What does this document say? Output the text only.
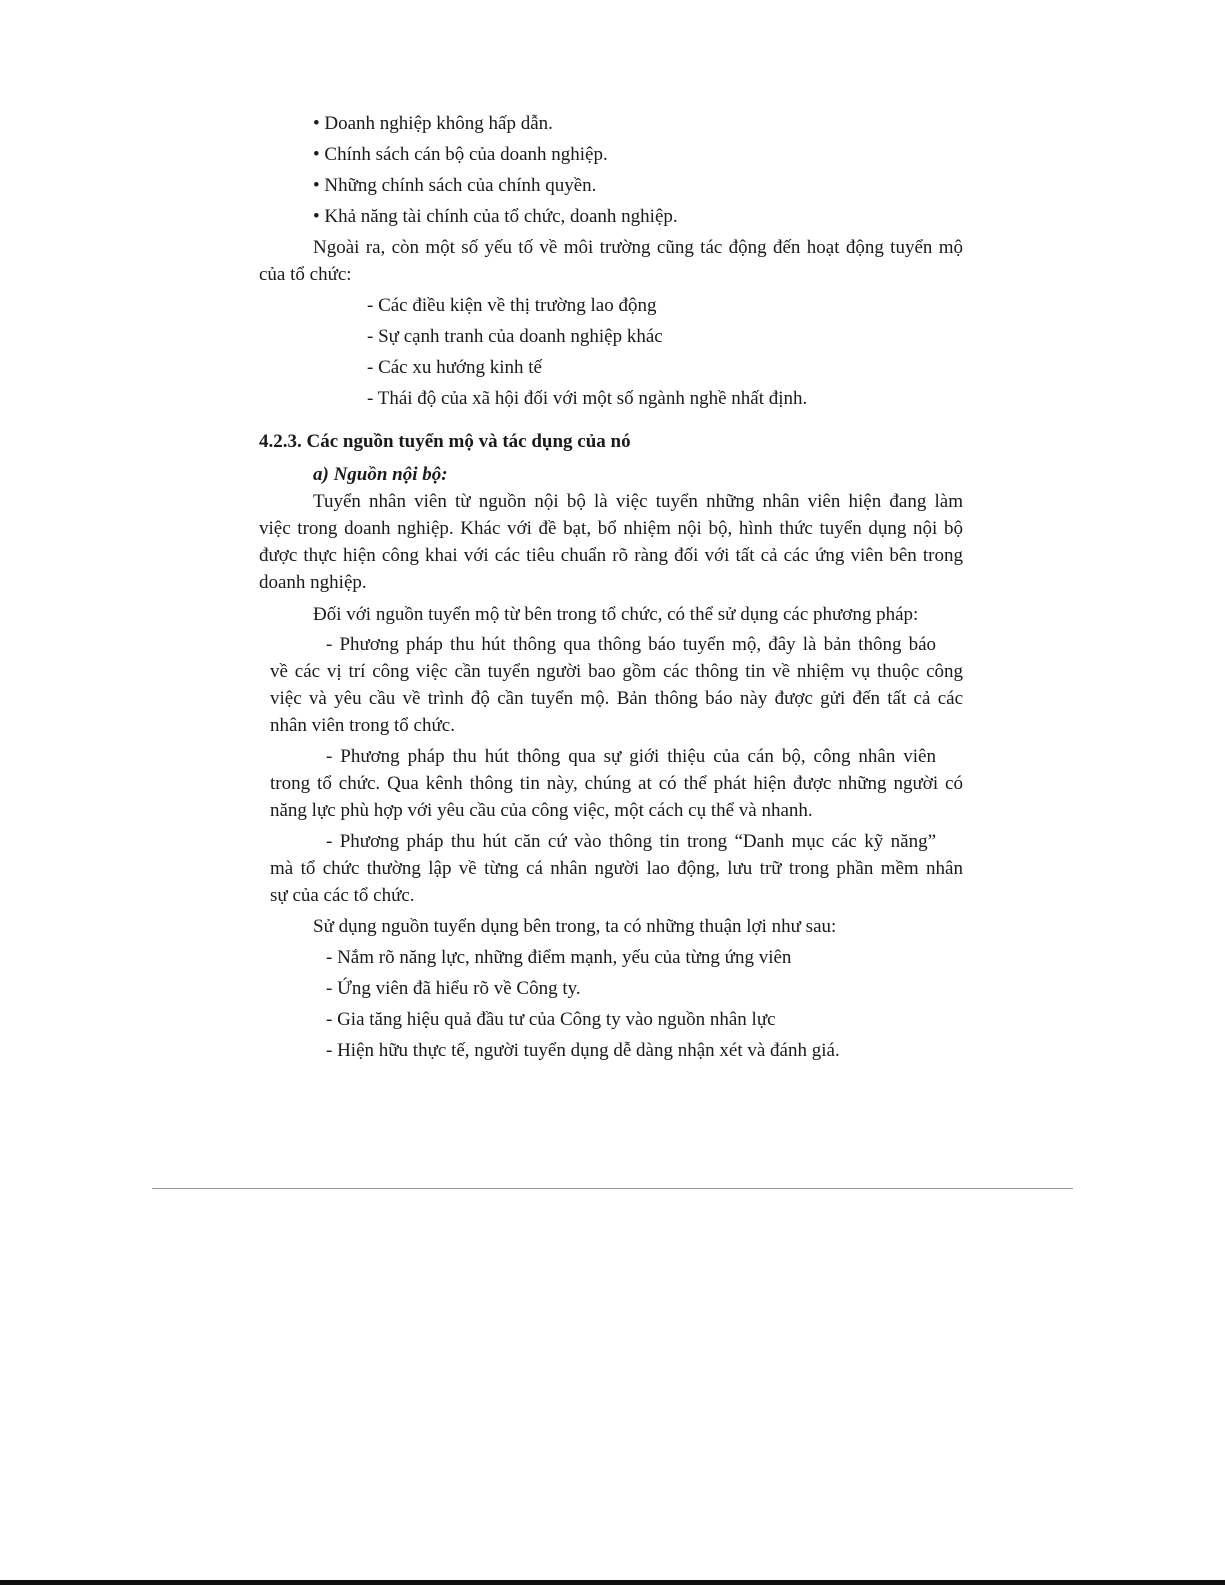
• Doanh nghiệp không hấp dẫn.
• Chính sách cán bộ của doanh nghiệp.
• Những chính sách của chính quyền.
• Khả năng tài chính của tổ chức, doanh nghiệp.
Ngoài ra, còn một số yếu tố về môi trường cũng tác động đến hoạt động tuyển mộ
của tổ chức:
- Các điều kiện về thị trường lao động
- Sự cạnh tranh của doanh nghiệp khác
- Các xu hướng kinh tế
- Thái độ của xã hội đối với một số ngành nghề nhất định.
4.2.3. Các nguồn tuyển mộ và tác dụng của nó
a) Nguồn nội bộ:
Tuyển nhân viên từ nguồn nội bộ là việc tuyển những nhân viên hiện đang làm
việc trong doanh nghiệp. Khác với đề bạt, bổ nhiệm nội bộ, hình thức tuyển dụng nội bộ
được thực hiện công khai với các tiêu chuẩn rõ ràng đối với tất cả các ứng viên bên trong
doanh nghiệp.
Đối với nguồn tuyển mộ từ bên trong tổ chức, có thể sử dụng các phương pháp:
- Phương pháp thu hút thông qua thông báo tuyển mộ, đây là bản thông báo
về các vị trí công việc cần tuyển người bao gồm các thông tin về nhiệm vụ thuộc công
việc và yêu cầu về trình độ cần tuyển mộ. Bản thông báo này được gửi đến tất cả các
nhân viên trong tổ chức.
- Phương pháp thu hút thông qua sự giới thiệu của cán bộ, công nhân viên
trong tổ chức. Qua kênh thông tin này, chúng at có thể phát hiện được những người có
năng lực phù hợp với yêu cầu của công việc, một cách cụ thể và nhanh.
- Phương pháp thu hút căn cứ vào thông tin trong “Danh mục các kỹ năng”
mà tổ chức thường lập về từng cá nhân người lao động, lưu trữ trong phần mềm nhân
sự của các tổ chức.
Sử dụng nguồn tuyển dụng bên trong, ta có những thuận lợi như sau:
- Nắm rõ năng lực, những điểm mạnh, yếu của từng ứng viên
- Ứng viên đã hiểu rõ về Công ty.
- Gia tăng hiệu quả đầu tư của Công ty vào nguồn nhân lực
- Hiện hữu thực tế, người tuyển dụng dễ dàng nhận xét và đánh giá.
